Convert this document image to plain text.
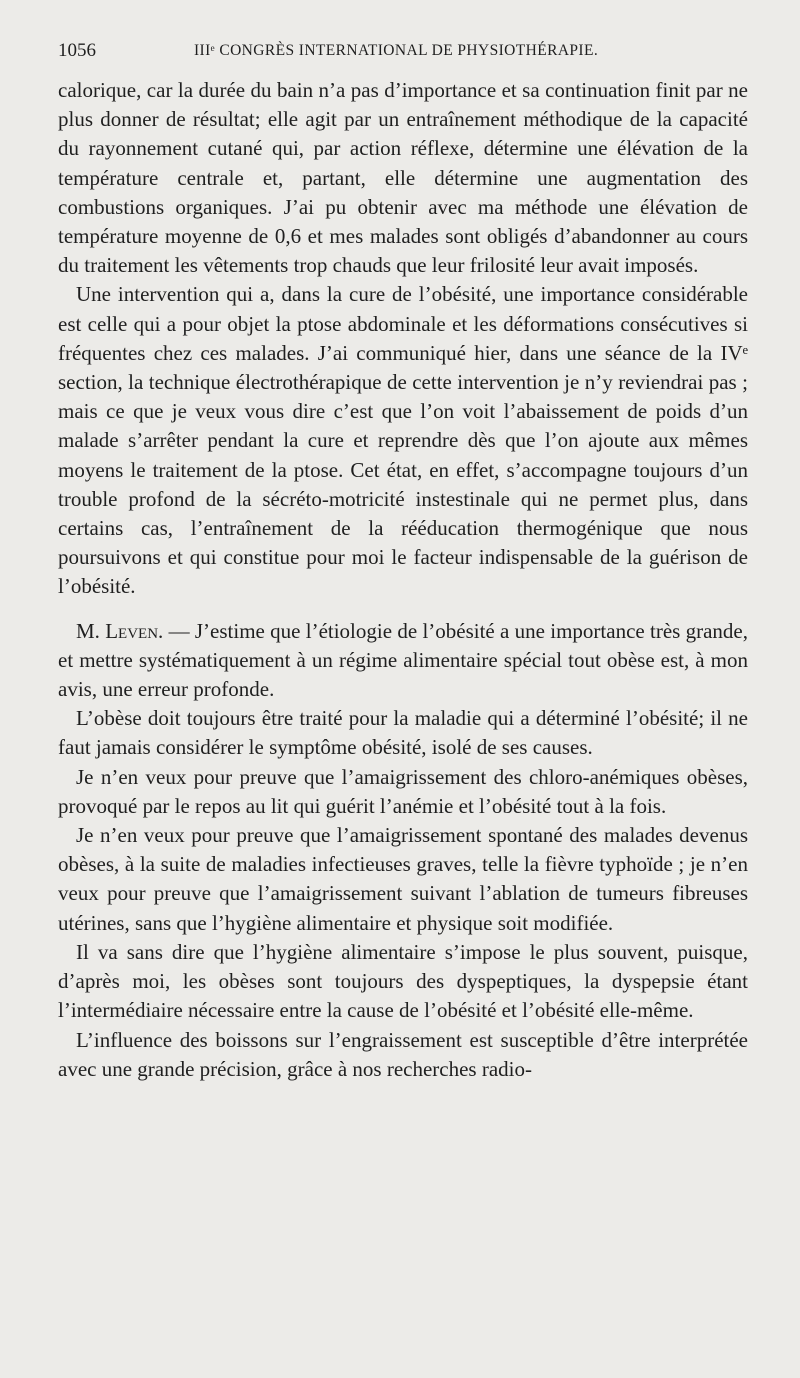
1056	IIIᵉ CONGRÈS INTERNATIONAL DE PHYSIOTHÉRAPIE.

calorique, car la durée du bain n’a pas d’importance et sa continuation finit par ne plus donner de résultat; elle agit par un entraînement méthodique de la capacité du rayonnement cutané qui, par action réflexe, détermine une élévation de la température centrale et, partant, elle détermine une augmentation des combustions organiques. J’ai pu obtenir avec ma méthode une élévation de température moyenne de 0,6 et mes malades sont obligés d’abandonner au cours du traitement les vêtements trop chauds que leur frilosité leur avait imposés.

Une intervention qui a, dans la cure de l’obésité, une importance considérable est celle qui a pour objet la ptose abdominale et les déformations consécutives si fréquentes chez ces malades. J’ai communiqué hier, dans une séance de la IVᵉ section, la technique électrothérapique de cette intervention je n’y reviendrai pas ; mais ce que je veux vous dire c’est que l’on voit l’abaissement de poids d’un malade s’arrêter pendant la cure et reprendre dès que l’on ajoute aux mêmes moyens le traitement de la ptose. Cet état, en effet, s’accompagne toujours d’un trouble profond de la sécréto-motricité instestinale qui ne permet plus, dans certains cas, l’entraînement de la rééducation thermogénique que nous poursuivons et qui constitue pour moi le facteur indispensable de la guérison de l’obésité.

M. Leven. — J’estime que l’étiologie de l’obésité a une importance très grande, et mettre systématiquement à un régime alimentaire spécial tout obèse est, à mon avis, une erreur profonde.

L’obèse doit toujours être traité pour la maladie qui a déterminé l’obésité; il ne faut jamais considérer le symptôme obésité, isolé de ses causes.

Je n’en veux pour preuve que l’amaigrissement des chloro-anémiques obèses, provoqué par le repos au lit qui guérit l’anémie et l’obésité tout à la fois.

Je n’en veux pour preuve que l’amaigrissement spontané des malades devenus obèses, à la suite de maladies infectieuses graves, telle la fièvre typhoïde ; je n’en veux pour preuve que l’amaigrissement suivant l’ablation de tumeurs fibreuses utérines, sans que l’hygiène alimentaire et physique soit modifiée.

Il va sans dire que l’hygiène alimentaire s’impose le plus souvent, puisque, d’après moi, les obèses sont toujours des dyspeptiques, la dyspepsie étant l’intermédiaire nécessaire entre la cause de l’obésité et l’obésité elle-même.

L’influence des boissons sur l’engraissement est susceptible d’être interprétée avec une grande précision, grâce à nos recherches radio-
